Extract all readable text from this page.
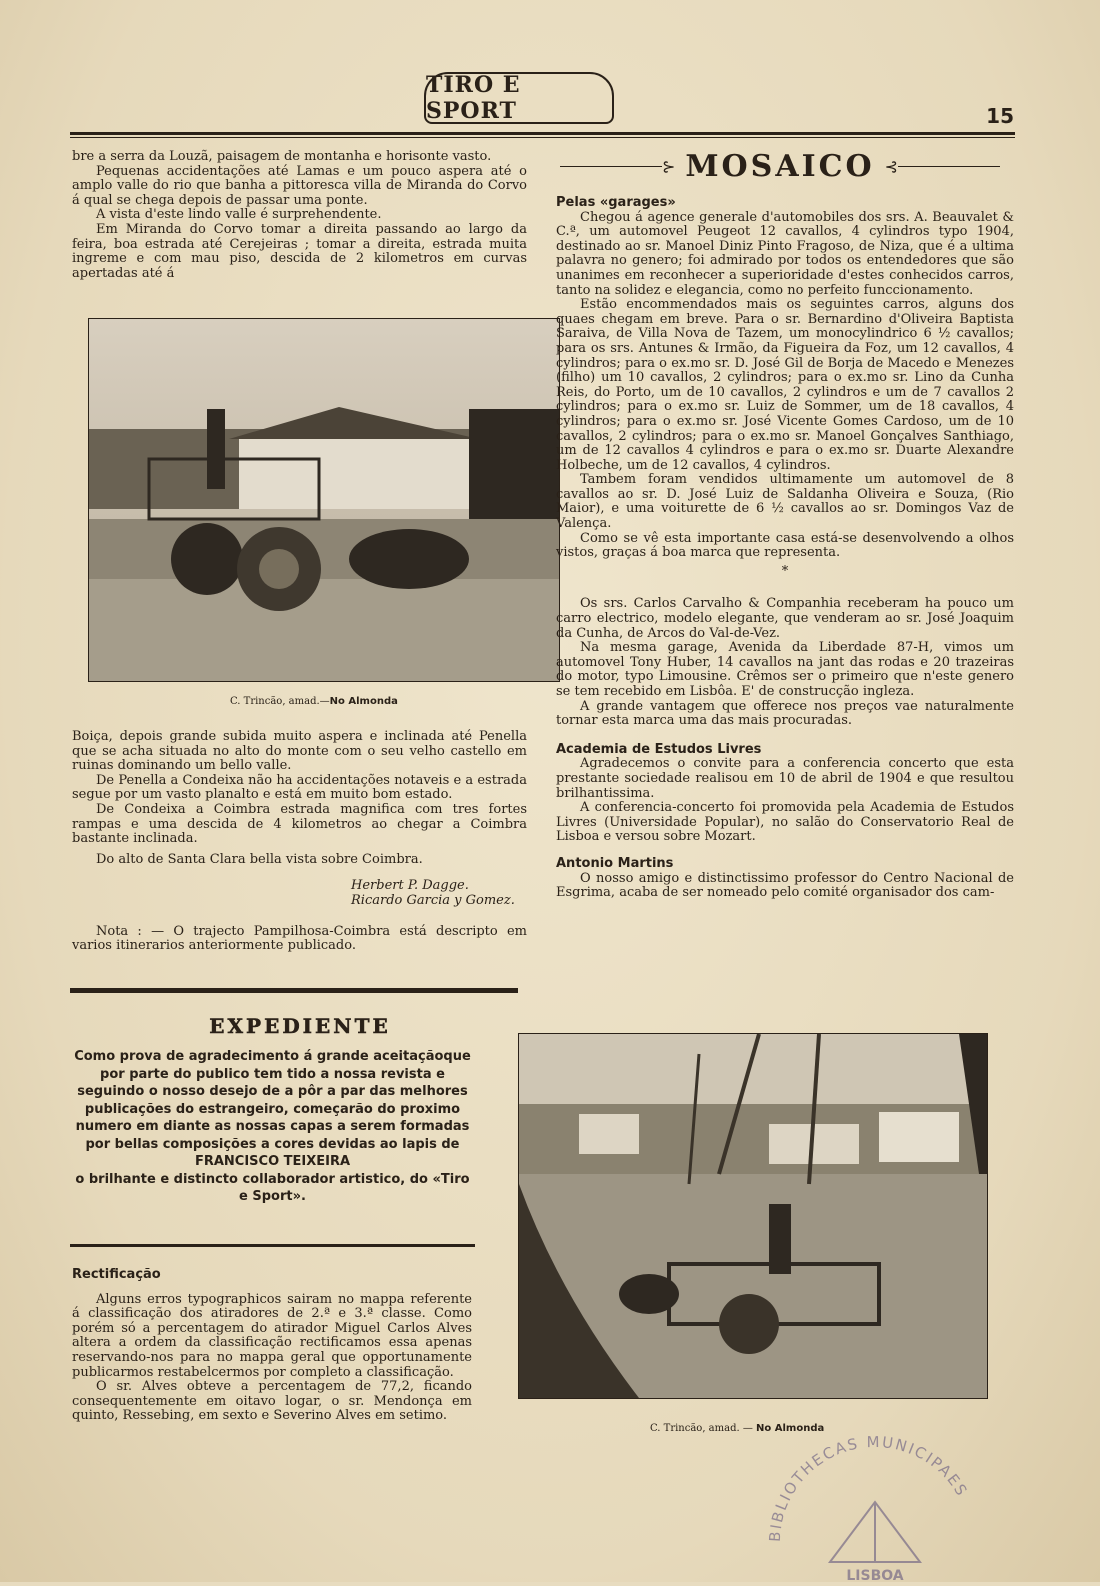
TIRO E SPORT	15

bre a serra da Louzã, paisagem de montanha e horisonte vasto.

Pequenas accidentações até Lamas e um pouco aspera até o amplo valle do rio que banha a pittoresca villa de Miranda do Corvo á qual se chega depois de passar uma ponte.

A vista d'este lindo valle é surprehendente.

Em Miranda do Corvo tomar a direita passando ao largo da feira, boa estrada até Cerejeiras ; tomar a direita, estrada muita ingreme e com mau piso, descida de 2 kilometros em curvas apertadas até á

C. Trincão, amad.—No Almonda

Boiça, depois grande subida muito aspera e inclinada até Penella que se acha situada no alto do monte com o seu velho castello em ruinas dominando um bello valle.

De Penella a Condeixa não ha accidentações notaveis e a estrada segue por um vasto planalto e está em muito bom estado.

De Condeixa a Coimbra estrada magnifica com tres fortes rampas e uma descida de 4 kilometros ao chegar a Coimbra bastante inclinada.

Do alto de Santa Clara bella vista sobre Coimbra.

Herbert P. Dagge.

Ricardo Garcia y Gomez.

Nota : — O trajecto Pampilhosa-Coimbra está descripto em varios itinerarios anteriormente publicado.

EXPEDIENTE
Como prova de agradecimento á grande aceitaçãoque por parte do publico tem tido a nossa revista e seguindo o nosso desejo de a pôr a par das melhores publicações do estrangeiro, começarão do proximo numero em diante as nossas capas a serem formadas por bellas composições a cores devidas ao lapis de
FRANCISCO TEIXEIRA
o brilhante e distincto collaborador artistico, do «Tiro e Sport».

Rectificação

Alguns erros typographicos sairam no mappa referente á classificação dos atiradores de 2.ª e 3.ª classe. Como porém só a percentagem do atirador Miguel Carlos Alves altera a ordem da classificação rectificamos essa apenas reservando-nos para no mappa geral que opportunamente publicarmos restabelcermos por completo a classificação.

O sr. Alves obteve a percentagem de 77,2, ficando consequentemente em oitavo logar, o sr. Mendonça em quinto, Ressebing, em sexto e Severino Alves em setimo.

⊱ MOSAICO ⊰

Pelas «garages»

Chegou á agence generale d'automobiles dos srs. A. Beauvalet & C.ª, um automovel Peugeot 12 cavallos, 4 cylindros typo 1904, destinado ao sr. Manoel Diniz Pinto Fragoso, de Niza, que é a ultima palavra no genero; foi admirado por todos os entendedores que são unanimes em reconhecer a superioridade d'estes conhecidos carros, tanto na solidez e elegancia, como no perfeito funccionamento.

Estão encommendados mais os seguintes carros, alguns dos quaes chegam em breve. Para o sr. Bernardino d'Oliveira Baptista Saraiva, de Villa Nova de Tazem, um monocylindrico 6 ½ cavallos; para os srs. Antunes & Irmão, da Figueira da Foz, um 12 cavallos, 4 cylindros; para o ex.mo sr. D. José Gil de Borja de Macedo e Menezes (filho) um 10 cavallos, 2 cylindros; para o ex.mo sr. Lino da Cunha Reis, do Porto, um de 10 cavallos, 2 cylindros e um de 7 cavallos 2 cylindros; para o ex.mo sr. Luiz de Sommer, um de 18 cavallos, 4 cylindros; para o ex.mo sr. José Vicente Gomes Cardoso, um de 10 cavallos, 2 cylindros; para o ex.mo sr. Manoel Gonçalves Santhiago, um de 12 cavallos 4 cylindros e para o ex.mo sr. Duarte Alexandre Holbeche, um de 12 cavallos, 4 cylindros.

Tambem foram vendidos ultimamente um automovel de 8 cavallos ao sr. D. José Luiz de Saldanha Oliveira e Souza, (Rio Maior), e uma voiturette de 6 ½ cavallos ao sr. Domingos Vaz de Valença.

Como se vê esta importante casa está-se desenvolvendo a olhos vistos, graças á boa marca que representa.

*

Os srs. Carlos Carvalho & Companhia receberam ha pouco um carro electrico, modelo elegante, que venderam ao sr. José Joaquim da Cunha, de Arcos do Val-de-Vez.

Na mesma garage, Avenida da Liberdade 87-H, vimos um automovel Tony Huber, 14 cavallos na jant das rodas e 20 trazeiras do motor, typo Limousine. Crêmos ser o primeiro que n'este genero se tem recebido em Lisbôa. E' de construcção ingleza.

A grande vantagem que offerece nos preços vae naturalmente tornar esta marca uma das mais procuradas.

Academia de Estudos Livres

Agradecemos o convite para a conferencia concerto que esta prestante sociedade realisou em 10 de abril de 1904 e que resultou brilhantissima.

A conferencia-concerto foi promovida pela Academia de Estudos Livres (Universidade Popular), no salão do Conservatorio Real de Lisboa e versou sobre Mozart.

Antonio Martins

O nosso amigo e distinctissimo professor do Centro Nacional de Esgrima, acaba de ser nomeado pelo comité organisador dos cam-

C. Trincão, amad. — No Almonda
BIBLIOTHECAS MUNICIPAES
LISBOA
